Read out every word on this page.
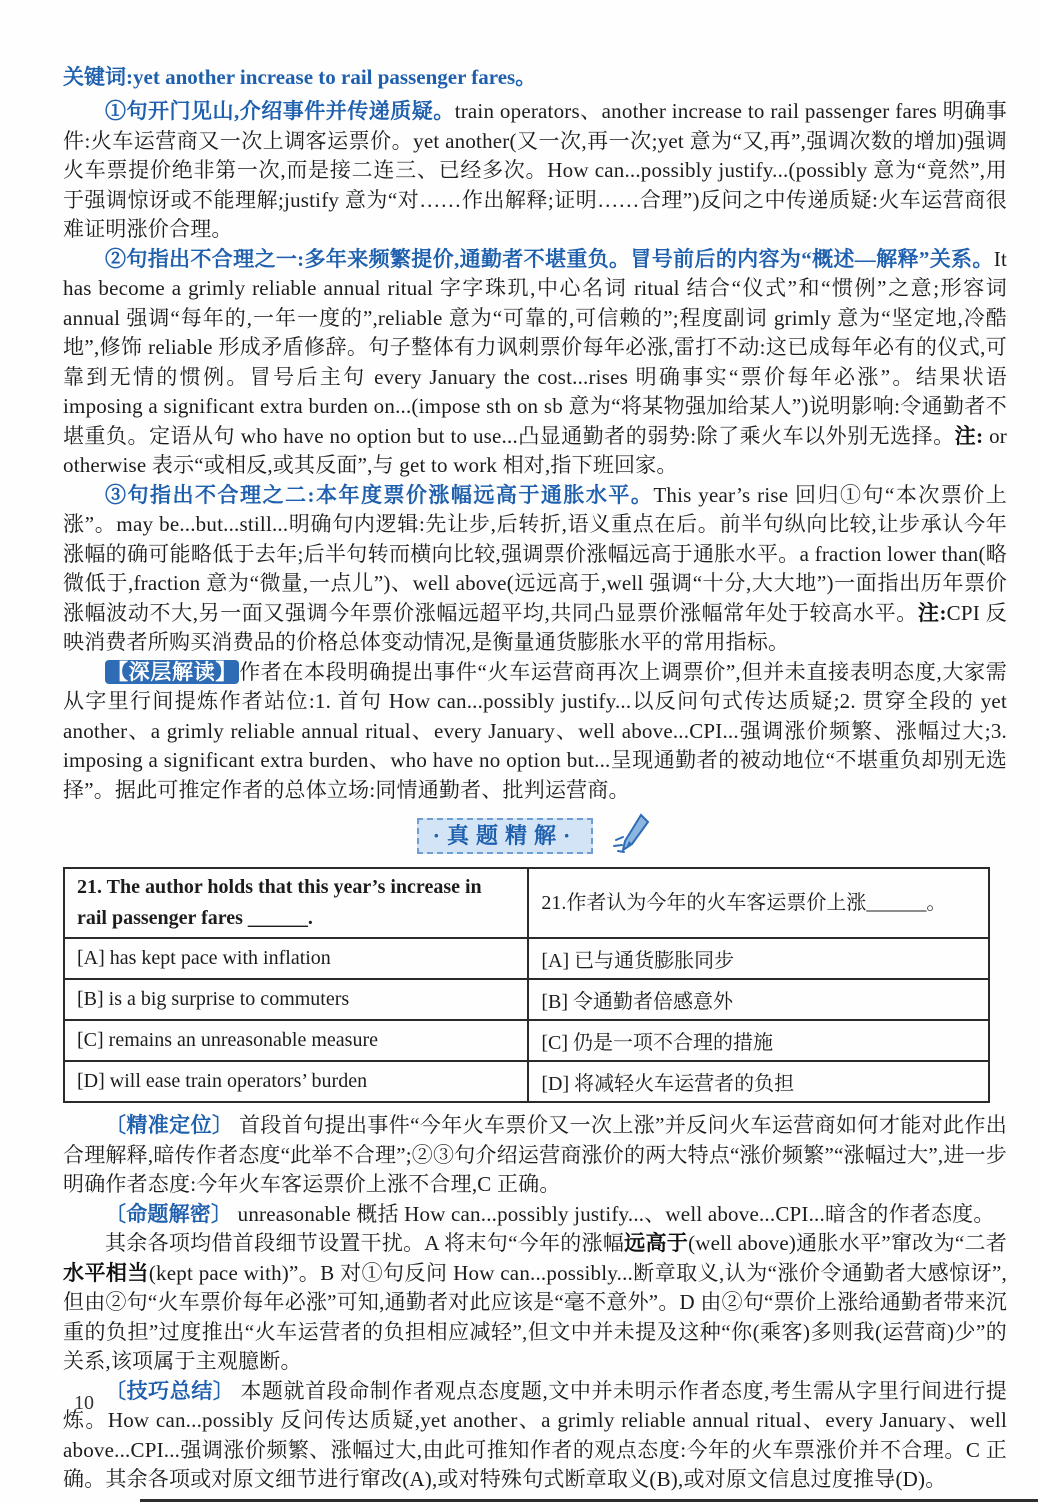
关键词:yet another increase to rail passenger fares。

①句开门见山,介绍事件并传递质疑。train operators、another increase to rail passenger fares 明确事件:火车运营商又一次上调客运票价。yet another(又一次,再一次;yet 意为“又,再”,强调次数的增加)强调火车票提价绝非第一次,而是接二连三、已经多次。How can...possibly justify...(possibly 意为“竟然”,用于强调惊讶或不能理解;justify 意为“对……作出解释;证明……合理”)反问之中传递质疑:火车运营商很难证明涨价合理。

②句指出不合理之一:多年来频繁提价,通勤者不堪重负。冒号前后的内容为“概述—解释”关系。It has become a grimly reliable annual ritual 字字珠玑,中心名词 ritual 结合“仪式”和“惯例”之意;形容词 annual 强调“每年的,一年一度的”,reliable 意为“可靠的,可信赖的”;程度副词 grimly 意为“坚定地,冷酷地”,修饰 reliable 形成矛盾修辞。句子整体有力讽刺票价每年必涨,雷打不动:这已成每年必有的仪式,可靠到无情的惯例。冒号后主句 every January the cost...rises 明确事实“票价每年必涨”。结果状语 imposing a significant extra burden on...(impose sth on sb 意为“将某物强加给某人”)说明影响:令通勤者不堪重负。定语从句 who have no option but to use...凸显通勤者的弱势:除了乘火车以外别无选择。注: or otherwise 表示“或相反,或其反面”,与 get to work 相对,指下班回家。

③句指出不合理之二:本年度票价涨幅远高于通胀水平。This year’s rise 回归①句“本次票价上涨”。may be...but...still...明确句内逻辑:先让步,后转折,语义重点在后。前半句纵向比较,让步承认今年涨幅的确可能略低于去年;后半句转而横向比较,强调票价涨幅远高于通胀水平。a fraction lower than(略微低于,fraction 意为“微量,一点儿”)、well above(远远高于,well 强调“十分,大大地”)一面指出历年票价涨幅波动不大,另一面又强调今年票价涨幅远超平均,共同凸显票价涨幅常年处于较高水平。注:CPI 反映消费者所购买消费品的价格总体变动情况,是衡量通货膨胀水平的常用指标。

【深层解读】作者在本段明确提出事件“火车运营商再次上调票价”,但并未直接表明态度,大家需从字里行间提炼作者站位:1. 首句 How can...possibly justify...以反问句式传达质疑;2. 贯穿全段的 yet another、a grimly reliable annual ritual、every January、well above...CPI...强调涨价频繁、涨幅过大;3. imposing a significant extra burden、who have no option but...呈现通勤者的被动地位“不堪重负却别无选择”。据此可推定作者的总体立场:同情通勤者、批判运营商。

·真题精解·
21. The author holds that this year’s increase in rail passenger fares ______.	21.作者认为今年的火车客运票价上涨______。
[A] has kept pace with inflation	[A] 已与通货膨胀同步
[B] is a big surprise to commuters	[B] 令通勤者倍感意外
[C] remains an unreasonable measure	[C] 仍是一项不合理的措施
[D] will ease train operators’ burden	[D] 将减轻火车运营者的负担

〔精准定位〕 首段首句提出事件“今年火车票价又一次上涨”并反问火车运营商如何才能对此作出合理解释,暗传作者态度“此举不合理”;②③句介绍运营商涨价的两大特点“涨价频繁”“涨幅过大”,进一步明确作者态度:今年火车客运票价上涨不合理,C 正确。

〔命题解密〕 unreasonable 概括 How can...possibly justify...、well above...CPI...暗含的作者态度。

其余各项均借首段细节设置干扰。A 将末句“今年的涨幅远高于(well above)通胀水平”窜改为“二者水平相当(kept pace with)”。B 对①句反问 How can...possibly...断章取义,认为“涨价令通勤者大感惊讶”,但由②句“火车票价每年必涨”可知,通勤者对此应该是“毫不意外”。D 由②句“票价上涨给通勤者带来沉重的负担”过度推出“火车运营者的负担相应减轻”,但文中并未提及这种“你(乘客)多则我(运营商)少”的关系,该项属于主观臆断。

〔技巧总结〕 本题就首段命制作者观点态度题,文中并未明示作者态度,考生需从字里行间进行提炼。How can...possibly 反问传达质疑,yet another、a grimly reliable annual ritual、every January、well above...CPI...强调涨价频繁、涨幅过大,由此可推知作者的观点态度:今年的火车票涨价并不合理。C 正确。其余各项或对原文细节进行窜改(A),或对特殊句式断章取义(B),或对原文信息过度推导(D)。

10
